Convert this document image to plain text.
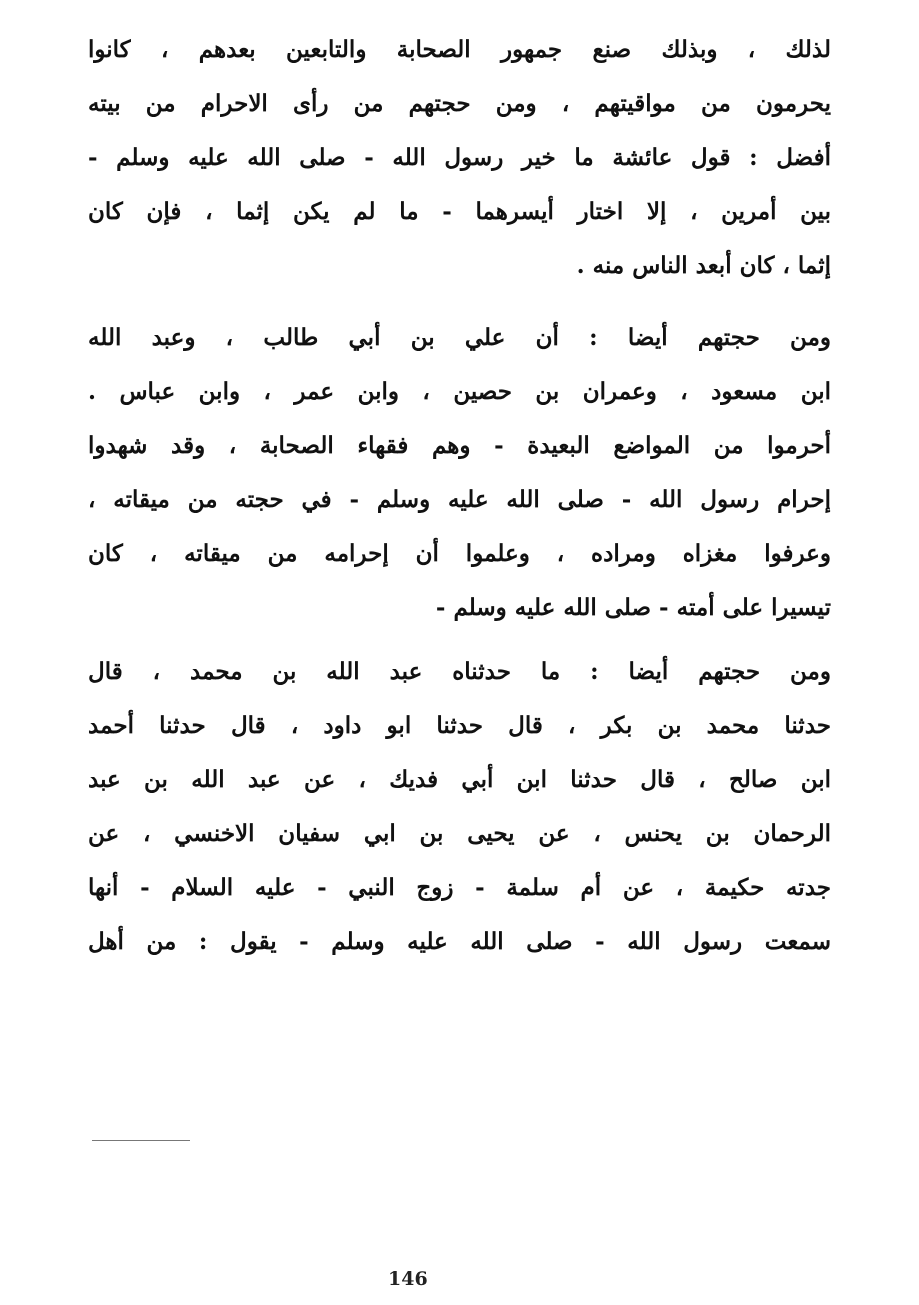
لذلك ، وبذلك صنع جمهور الصحابة والتابعين بعدهم ، كانوا
يحرمون من مواقيتهم ، ومن حجتهم من رأى الاحرام من بيته
أفضل : قول عائشة ما خير رسول الله - صلى الله عليه وسلم -
بين أمرين ، إلا اختار أيسرهما - ما لم يكن إثما ، فإن كان
إثما ، كان أبعد الناس منه .
ومن حجتهم أيضا : أن علي بن أبي طالب ، وعبد الله
ابن مسعود ، وعمران بن حصين ، وابن عمر ، وابن عباس .
أحرموا من المواضع البعيدة - وهم فقهاء الصحابة ، وقد شهدوا
إحرام رسول الله - صلى الله عليه وسلم - في حجته من ميقاته ،
وعرفوا مغزاه ومراده ، وعلموا أن إحرامه من ميقاته ، كان
تيسيرا على أمته - صلى الله عليه وسلم -
ومن حجتهم أيضا : ما حدثناه عبد الله بن محمد ، قال
حدثنا محمد بن بكر ، قال حدثنا ابو داود ، قال حدثنا أحمد
ابن صالح ، قال حدثنا ابن أبي فديك ، عن عبد الله بن عبد
الرحمان بن يحنس ، عن يحيى بن ابي سفيان الاخنسي ، عن
جدته حكيمة ، عن أم سلمة - زوج النبي - عليه السلام - أنها
سمعت رسول الله - صلى الله عليه وسلم - يقول : من أهل
146
